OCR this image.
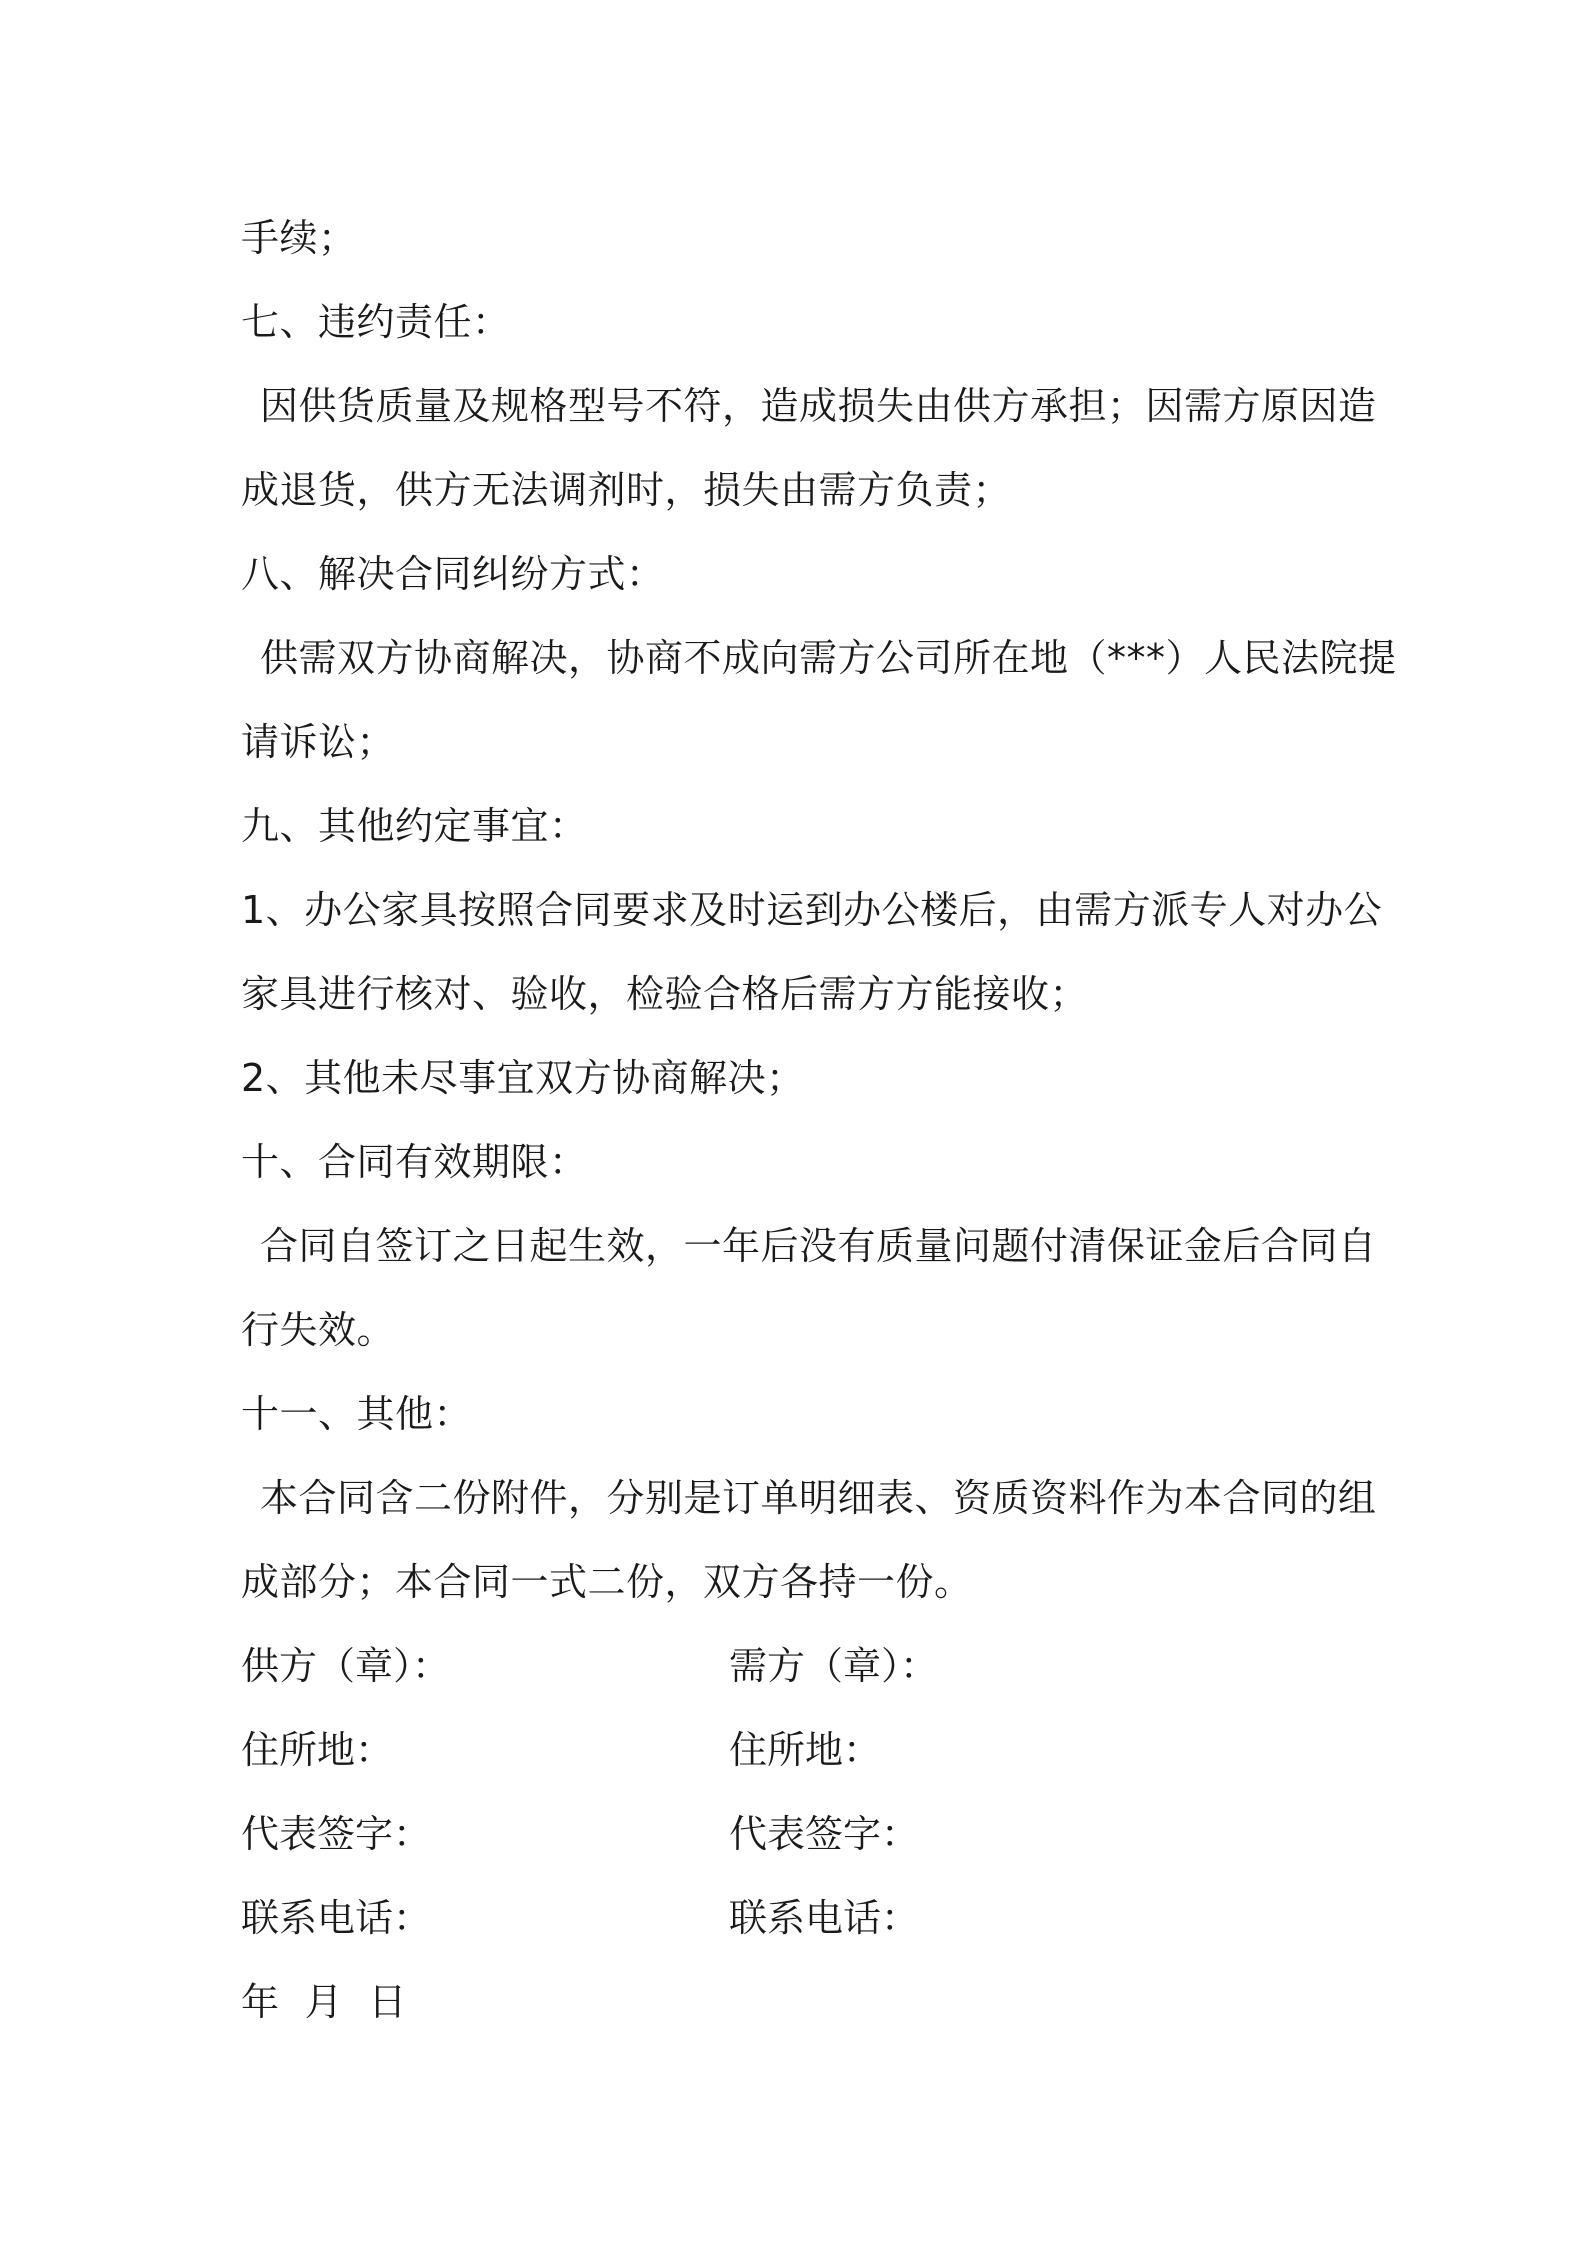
手续；
七、违约责任：
因供货质量及规格型号不符，造成损失由供方承担；因需方原因造
成退货，供方无法调剂时，损失由需方负责；
八、解决合同纠纷方式：
供需双方协商解决，协商不成向需方公司所在地（***）人民法院提
请诉讼；
九、其他约定事宜：
1、办公家具按照合同要求及时运到办公楼后，由需方派专人对办公
家具进行核对、验收，检验合格后需方方能接收；
2、其他未尽事宜双方协商解决；
十、合同有效期限：
合同自签订之日起生效，一年后没有质量问题付清保证金后合同自
行失效。
十一、其他：
本合同含二份附件，分别是订单明细表、资质资料作为本合同的组
成部分；本合同一式二份，双方各持一份。
供方（章）：	需方（章）：
住所地：	住所地：
代表签字：	代表签字：
联系电话：	联系电话：
年  月  日
